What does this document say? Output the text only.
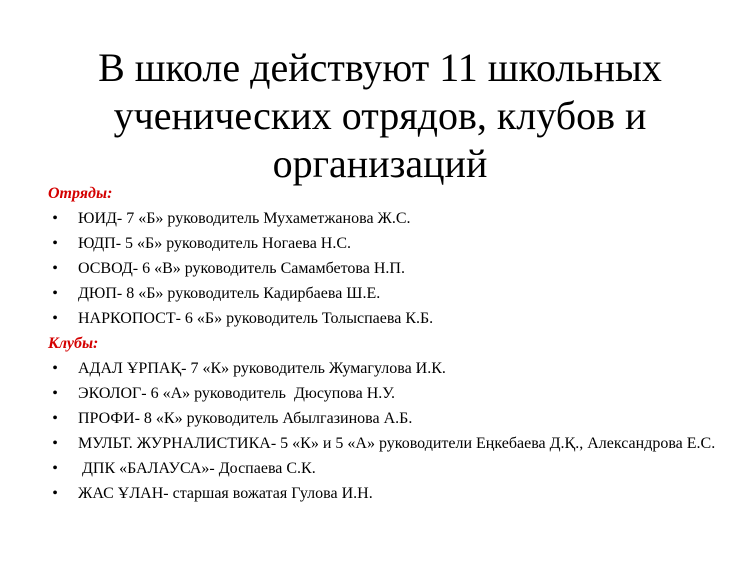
В школе действуют 11 школьных ученических отрядов, клубов и организаций
Отряды:
• ЮИД- 7 «Б» руководитель Мухаметжанова Ж.С.
• ЮДП- 5 «Б» руководитель Ногаева Н.С.
• ОСВОД- 6 «В» руководитель Самамбетова Н.П.
• ДЮП- 8 «Б» руководитель Кадирбаева Ш.Е.
• НАРКОПОСТ- 6 «Б» руководитель Толыспаева К.Б.
Клубы:
• АДАЛ ҰРПАҚ- 7 «К» руководитель Жумагулова И.К.
• ЭКОЛОГ- 6 «А» руководитель  Дюсупова Н.У.
• ПРОФИ- 8 «К» руководитель Абылгазинова А.Б.
• МУЛЬТ. ЖУРНАЛИСТИКА- 5 «К» и 5 «А» руководители Еңкебаева Д.Қ., Александрова Е.С.
• ДПК «БАЛАУСА»- Доспаева С.К.
• ЖАС ҰЛАН- старшая вожатая Гулова И.Н.
